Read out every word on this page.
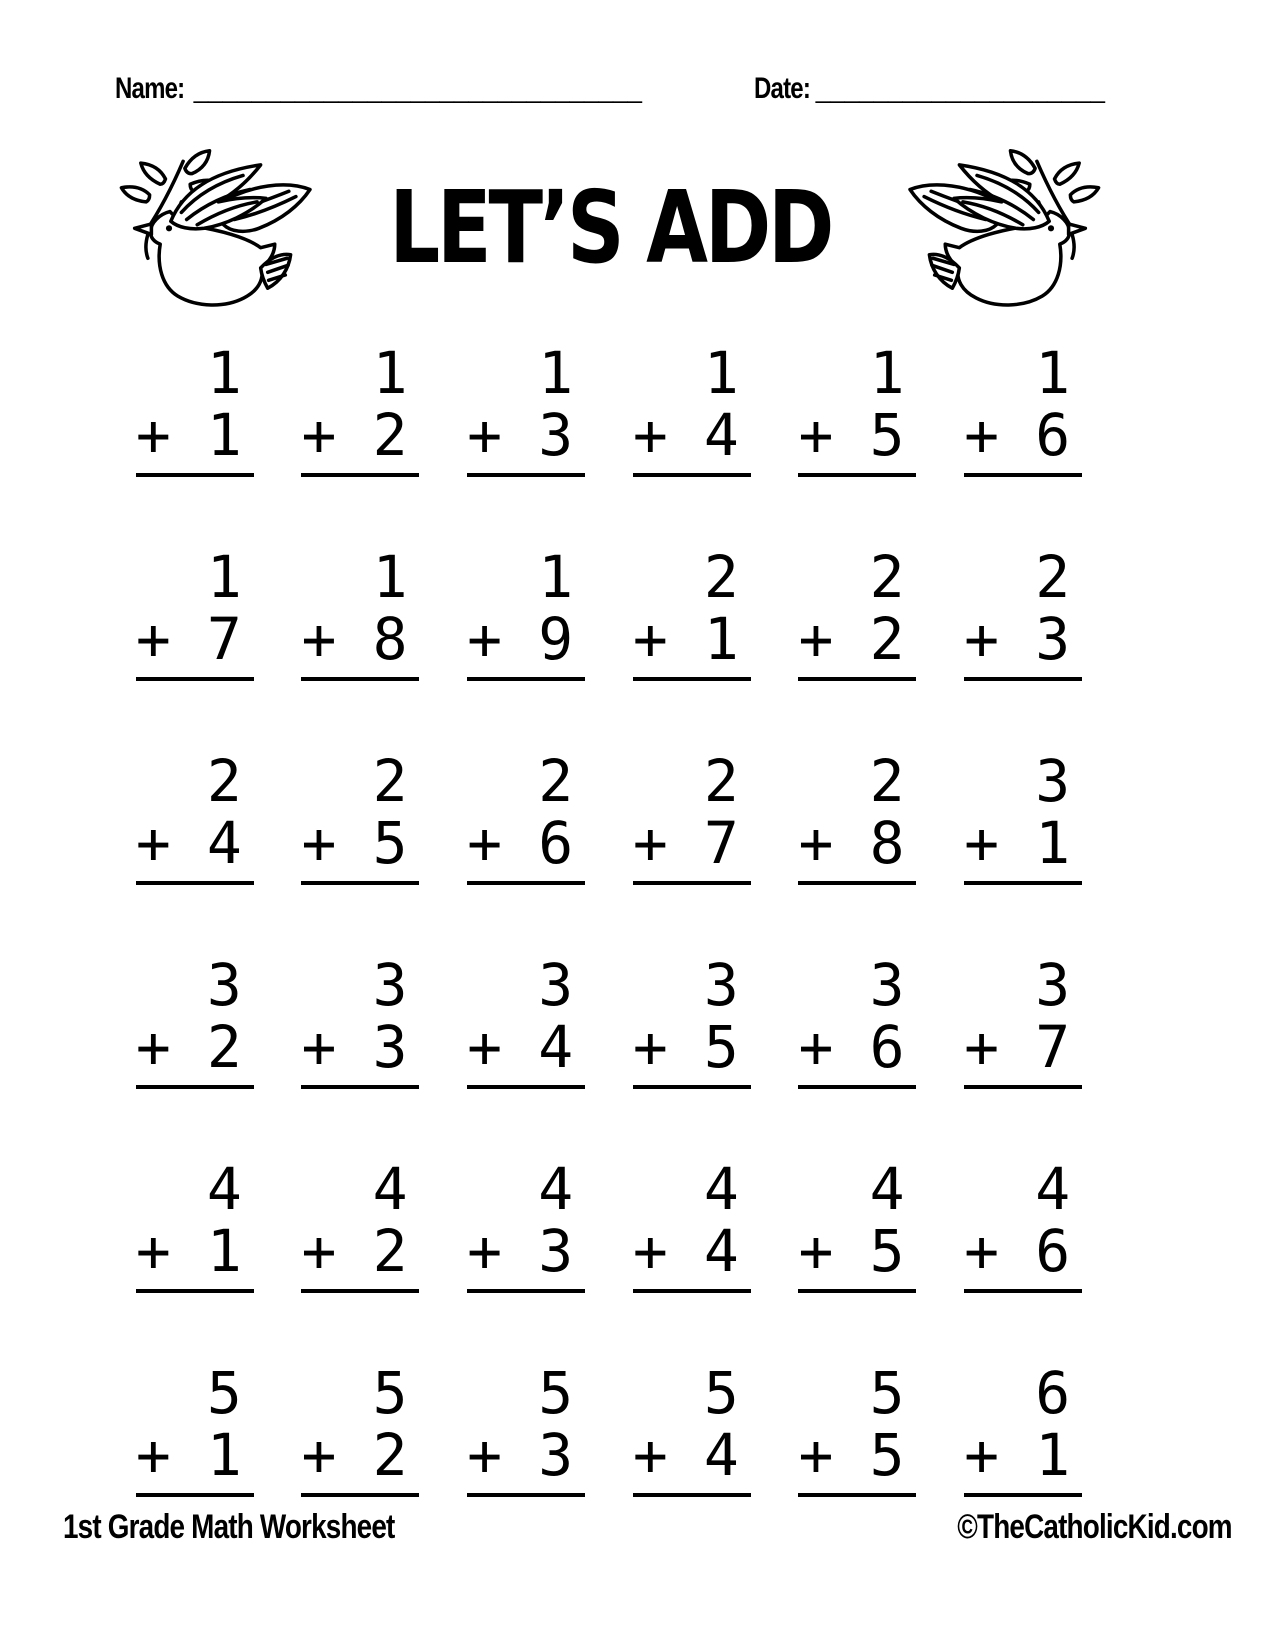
Name: _______________________________	Date: ____________________
LET’S ADD
1
+ 1
1
+ 2
1
+ 3
1
+ 4
1
+ 5
1
+ 6
1
+ 7
1
+ 8
1
+ 9
2
+ 1
2
+ 2
2
+ 3
2
+ 4
2
+ 5
2
+ 6
2
+ 7
2
+ 8
3
+ 1
3
+ 2
3
+ 3
3
+ 4
3
+ 5
3
+ 6
3
+ 7
4
+ 1
4
+ 2
4
+ 3
4
+ 4
4
+ 5
4
+ 6
5
+ 1
5
+ 2
5
+ 3
5
+ 4
5
+ 5
6
+ 1
1st Grade Math Worksheet	©TheCatholicKid.com
